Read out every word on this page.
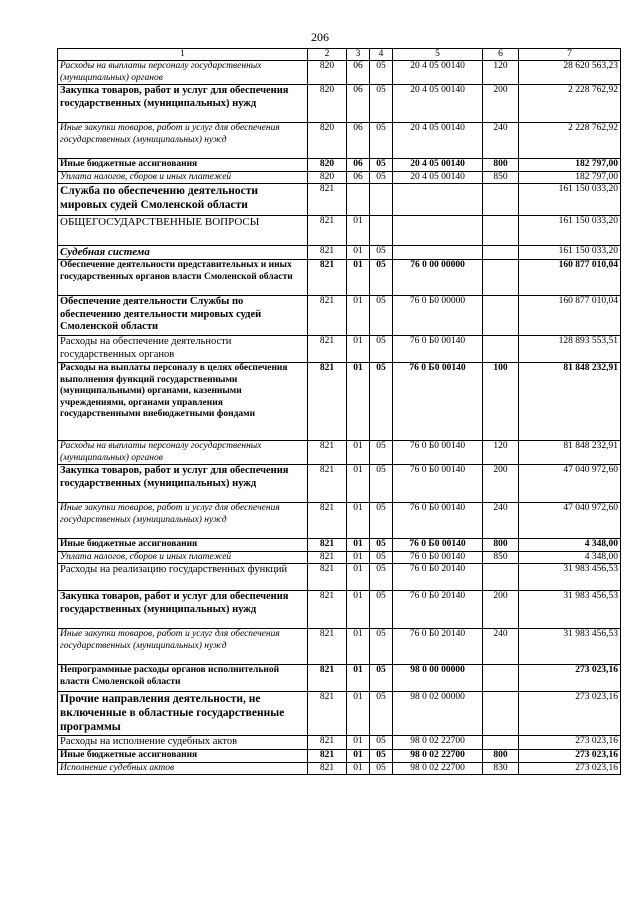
206
1	2	3	4	5	6	7
Расходы на выплаты персоналу государственных (муниципальных) органов	820	06	05	20 4 05 00140	120	28 620 563,23
Закупка товаров, работ и услуг для обеспечения государственных (муниципальных) нужд	820	06	05	20 4 05 00140	200	2 228 762,92
Иные закупки товаров, работ и услуг для обеспечения государственных (муниципальных) нужд	820	06	05	20 4 05 00140	240	2 228 762,92
Иные бюджетные ассигнования	820	06	05	20 4 05 00140	800	182 797,00
Уплата налогов, сборов и иных платежей	820	06	05	20 4 05 00140	850	182 797,00
Служба по обеспечению деятельности мировых судей Смоленской области	821					161 150 033,20
ОБЩЕГОСУДАРСТВЕННЫЕ ВОПРОСЫ	821	01				161 150 033,20
Судебная система	821	01	05			161 150 033,20
Обеспечение деятельности представительных и иных государственных органов власти Смоленской области	821	01	05	76 0 00 00000		160 877 010,04
Обеспечение деятельности Службы по обеспечению деятельности мировых судей Смоленской области	821	01	05	76 0 Б0 00000		160 877 010,04
Расходы на обеспечение деятельности государственных органов	821	01	05	76 0 Б0 00140		128 893 553,51
Расходы на выплаты персоналу в целях обеспечения выполнения функций государственными (муниципальными) органами, казенными учреждениями, органами управления государственными внебюджетными фондами	821	01	05	76 0 Б0 00140	100	81 848 232,91
Расходы на выплаты персоналу государственных (муниципальных) органов	821	01	05	76 0 Б0 00140	120	81 848 232,91
Закупка товаров, работ и услуг для обеспечения государственных (муниципальных) нужд	821	01	05	76 0 Б0 00140	200	47 040 972,60
Иные закупки товаров, работ и услуг для обеспечения государственных (муниципальных) нужд	821	01	05	76 0 Б0 00140	240	47 040 972,60
Иные бюджетные ассигнования	821	01	05	76 0 Б0 00140	800	4 348,00
Уплата налогов, сборов и иных платежей	821	01	05	76 0 Б0 00140	850	4 348,00
Расходы на реализацию государственных функций	821	01	05	76 0 Б0 20140		31 983 456,53
Закупка товаров, работ и услуг для обеспечения государственных (муниципальных) нужд	821	01	05	76 0 Б0 20140	200	31 983 456,53
Иные закупки товаров, работ и услуг для обеспечения государственных (муниципальных) нужд	821	01	05	76 0 Б0 20140	240	31 983 456,53
Непрограммные расходы органов исполнительной власти Смоленской области	821	01	05	98 0 00 00000		273 023,16
Прочие направления деятельности, не включенные в областные государственные программы	821	01	05	98 0 02 00000		273 023,16
Расходы на исполнение судебных актов	821	01	05	98 0 02 22700		273 023,16
Иные бюджетные ассигнования	821	01	05	98 0 02 22700	800	273 023,16
Исполнение судебных актов	821	01	05	98 0 02 22700	830	273 023,16
